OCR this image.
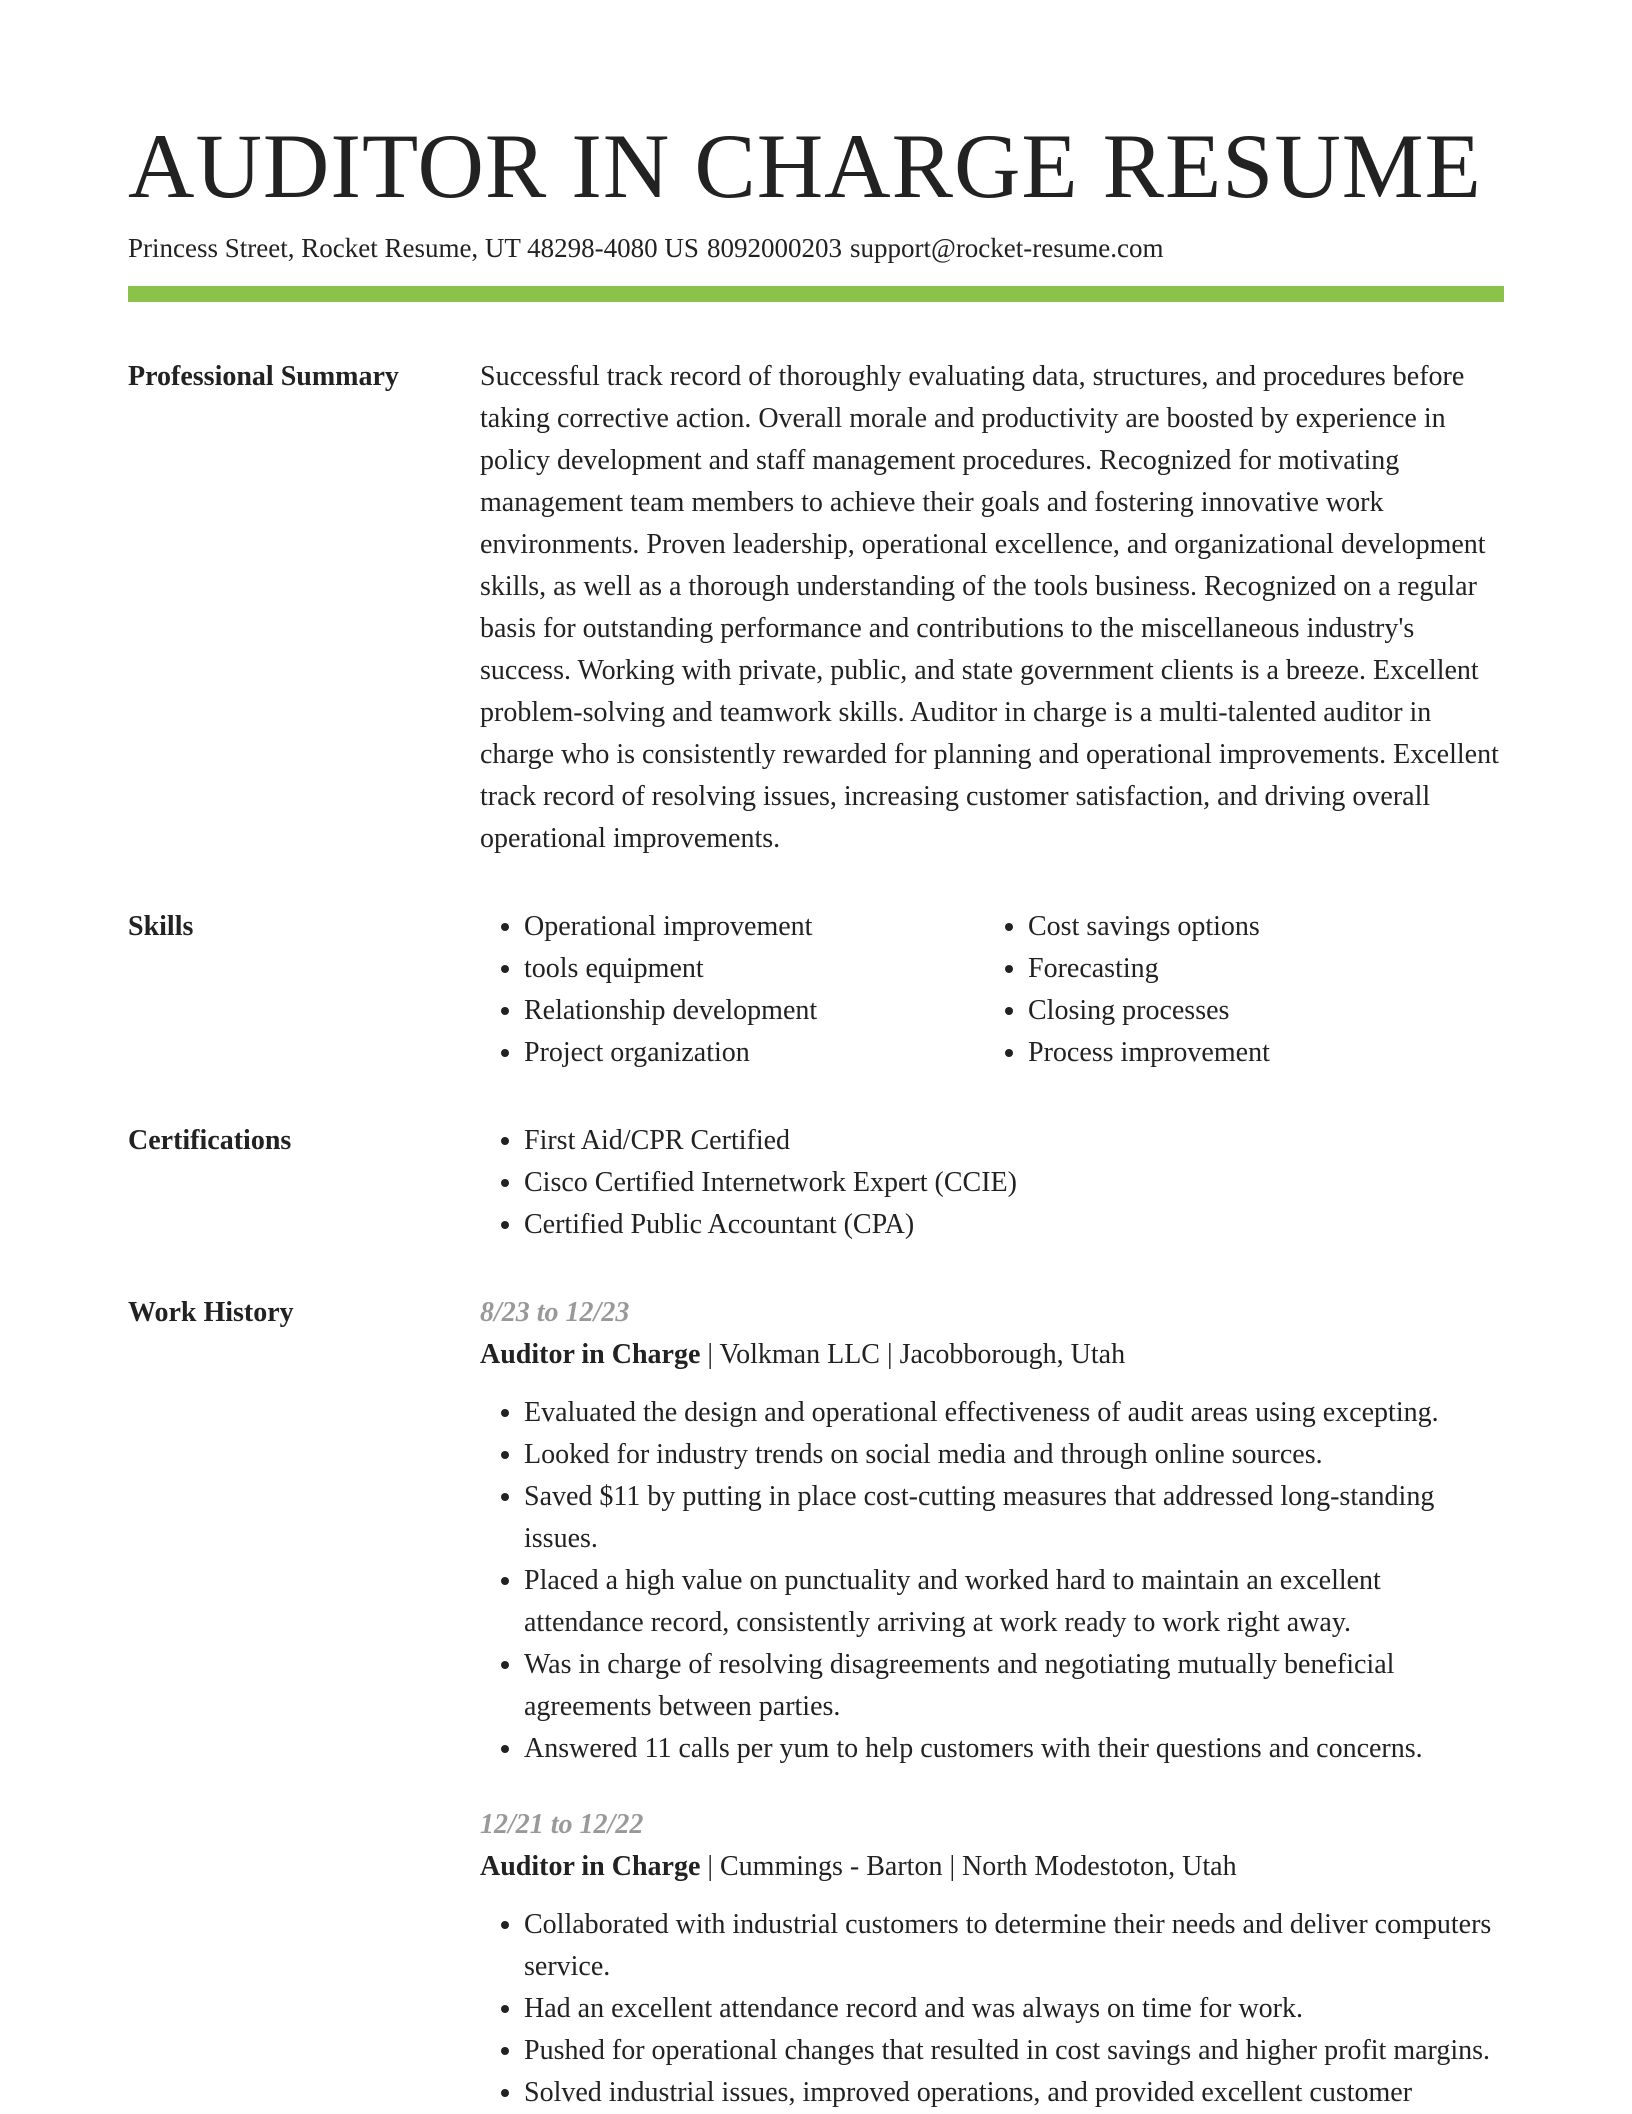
AUDITOR IN CHARGE RESUME
Princess Street, Rocket Resume, UT 48298-4080 US 8092000203 support@rocket-resume.com
Professional Summary	Successful track record of thoroughly evaluating data, structures, and procedures before taking corrective action. Overall morale and productivity are boosted by experience in policy development and staff management procedures. Recognized for motivating management team members to achieve their goals and fostering innovative work environments. Proven leadership, operational excellence, and organizational development skills, as well as a thorough understanding of the tools business. Recognized on a regular basis for outstanding performance and contributions to the miscellaneous industry's success. Working with private, public, and state government clients is a breeze. Excellent problem-solving and teamwork skills. Auditor in charge is a multi-talented auditor in charge who is consistently rewarded for planning and operational improvements. Excellent track record of resolving issues, increasing customer satisfaction, and driving overall operational improvements.

Skills	• Operational improvement
• tools equipment
• Relationship development
• Project organization
• Cost savings options
• Forecasting
• Closing processes
• Process improvement
Certifications	• First Aid/CPR Certified
• Cisco Certified Internetwork Expert (CCIE)
• Certified Public Accountant (CPA)
Work History	8/23 to 12/23
Auditor in Charge | Volkman LLC | Jacobborough, Utah
• Evaluated the design and operational effectiveness of audit areas using excepting.
• Looked for industry trends on social media and through online sources.
• Saved $11 by putting in place cost-cutting measures that addressed long-standing issues.
• Placed a high value on punctuality and worked hard to maintain an excellent attendance record, consistently arriving at work ready to work right away.
• Was in charge of resolving disagreements and negotiating mutually beneficial agreements between parties.
• Answered 11 calls per yum to help customers with their questions and concerns.
12/21 to 12/22
Auditor in Charge | Cummings - Barton | North Modestoton, Utah
• Collaborated with industrial customers to determine their needs and deliver computers service.
• Had an excellent attendance record and was always on time for work.
• Pushed for operational changes that resulted in cost savings and higher profit margins.
• Solved industrial issues, improved operations, and provided excellent customer
